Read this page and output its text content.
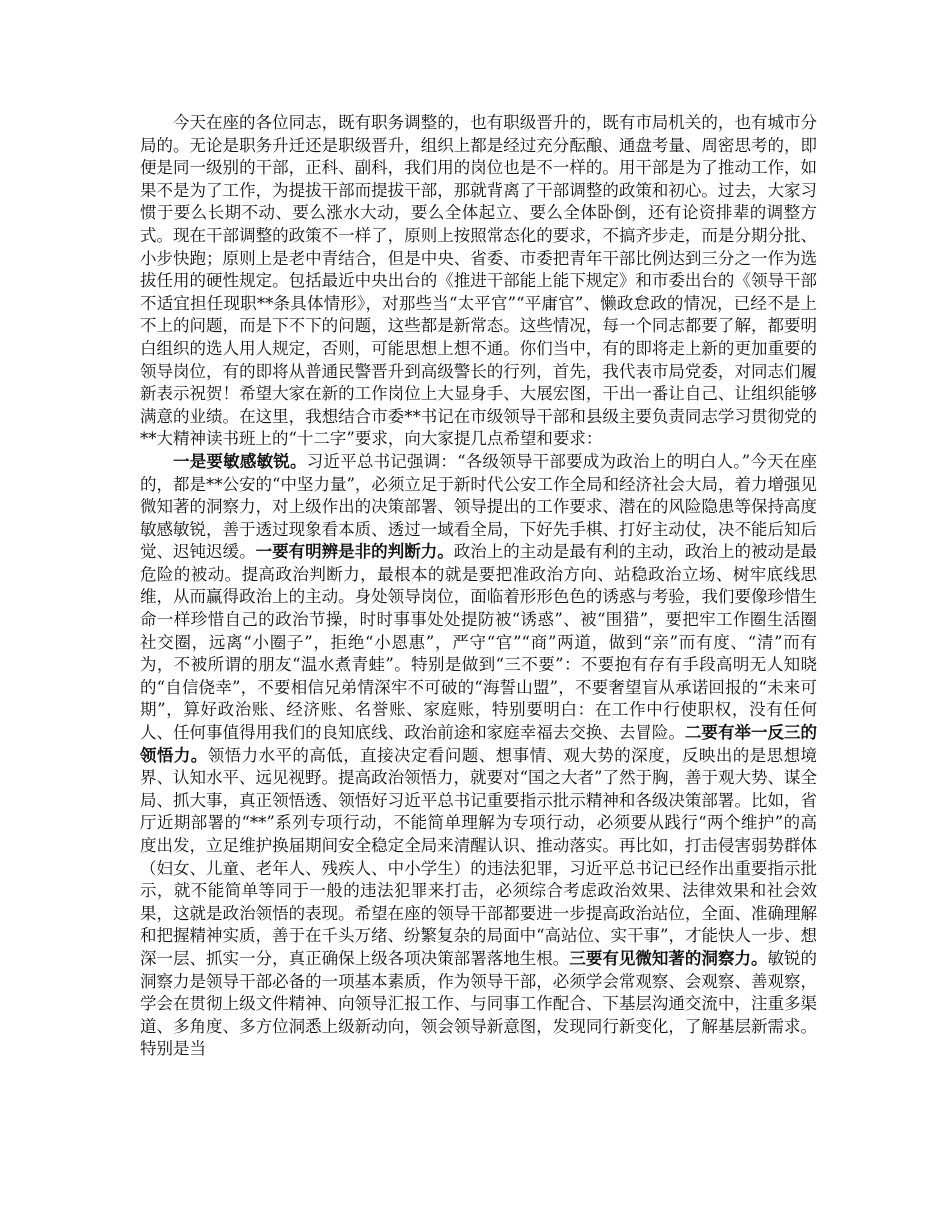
今天在座的各位同志，既有职务调整的，也有职级晋升的，既有市局机关的，也有城市分局的。无论是职务升迁还是职级晋升，组织上都是经过充分酝酿、通盘考量、周密思考的，即便是同一级别的干部，正科、副科，我们用的岗位也是不一样的。用干部是为了推动工作，如果不是为了工作，为提拔干部而提拔干部，那就背离了干部调整的政策和初心。过去，大家习惯于要么长期不动、要么涨水大动，要么全体起立、要么全体卧倒，还有论资排辈的调整方式。现在干部调整的政策不一样了，原则上按照常态化的要求，不搞齐步走，而是分期分批、小步快跑；原则上是老中青结合，但是中央、省委、市委把青年干部比例达到三分之一作为选拔任用的硬性规定。包括最近中央出台的《推进干部能上能下规定》和市委出台的《领导干部不适宜担任现职**条具体情形》，对那些当“太平官”“平庸官”、懒政怠政的情况，已经不是上不上的问题，而是下不下的问题，这些都是新常态。这些情况，每一个同志都要了解，都要明白组织的选人用人规定，否则，可能思想上想不通。你们当中，有的即将走上新的更加重要的领导岗位，有的即将从普通民警晋升到高级警长的行列，首先，我代表市局党委，对同志们履新表示祝贺！希望大家在新的工作岗位上大显身手、大展宏图，干出一番让自己、让组织能够满意的业绩。在这里，我想结合市委**书记在市级领导干部和县级主要负责同志学习贯彻党的**大精神读书班上的“十二字”要求，向大家提几点希望和要求：

一是要敏感敏锐。习近平总书记强调：“各级领导干部要成为政治上的明白人。”今天在座的，都是**公安的“中坚力量”，必须立足于新时代公安工作全局和经济社会大局，着力增强见微知著的洞察力，对上级作出的决策部署、领导提出的工作要求、潜在的风险隐患等保持高度敏感敏锐，善于透过现象看本质、透过一域看全局，下好先手棋、打好主动仗，决不能后知后觉、迟钝迟缓。一要有明辨是非的判断力。政治上的主动是最有利的主动，政治上的被动是最危险的被动。提高政治判断力，最根本的就是要把准政治方向、站稳政治立场、树牢底线思维，从而赢得政治上的主动。身处领导岗位，面临着形形色色的诱惑与考验，我们要像珍惜生命一样珍惜自己的政治节操，时时事事处处提防被“诱惑”、被“围猎”，要把牢工作圈生活圈社交圈，远离“小圈子”，拒绝“小恩惠”，严守“官”“商”两道，做到“亲”而有度、“清”而有为，不被所谓的朋友“温水煮青蛙”。特别是做到“三不要”：不要抱有存有手段高明无人知晓的“自信侥幸”，不要相信兄弟情深牢不可破的“海誓山盟”，不要奢望盲从承诺回报的“未来可期”，算好政治账、经济账、名誉账、家庭账，特别要明白：在工作中行使职权，没有任何人、任何事值得用我们的良知底线、政治前途和家庭幸福去交换、去冒险。二要有举一反三的领悟力。领悟力水平的高低，直接决定看问题、想事情、观大势的深度，反映出的是思想境界、认知水平、远见视野。提高政治领悟力，就要对“国之大者”了然于胸，善于观大势、谋全局、抓大事，真正领悟透、领悟好习近平总书记重要指示批示精神和各级决策部署。比如，省厅近期部署的“**”系列专项行动，不能简单理解为专项行动，必须要从践行“两个维护”的高度出发，立足维护换届期间安全稳定全局来清醒认识、推动落实。再比如，打击侵害弱势群体（妇女、儿童、老年人、残疾人、中小学生）的违法犯罪，习近平总书记已经作出重要指示批示，就不能简单等同于一般的违法犯罪来打击，必须综合考虑政治效果、法律效果和社会效果，这就是政治领悟的表现。希望在座的领导干部都要进一步提高政治站位，全面、准确理解和把握精神实质，善于在千头万绪、纷繁复杂的局面中“高站位、实干事”，才能快人一步、想深一层、抓实一分，真正确保上级各项决策部署落地生根。三要有见微知著的洞察力。敏锐的洞察力是领导干部必备的一项基本素质，作为领导干部，必须学会常观察、会观察、善观察，学会在贯彻上级文件精神、向领导汇报工作、与同事工作配合、下基层沟通交流中，注重多渠道、多角度、多方位洞悉上级新动向，领会领导新意图，发现同行新变化，了解基层新需求。特别是当
